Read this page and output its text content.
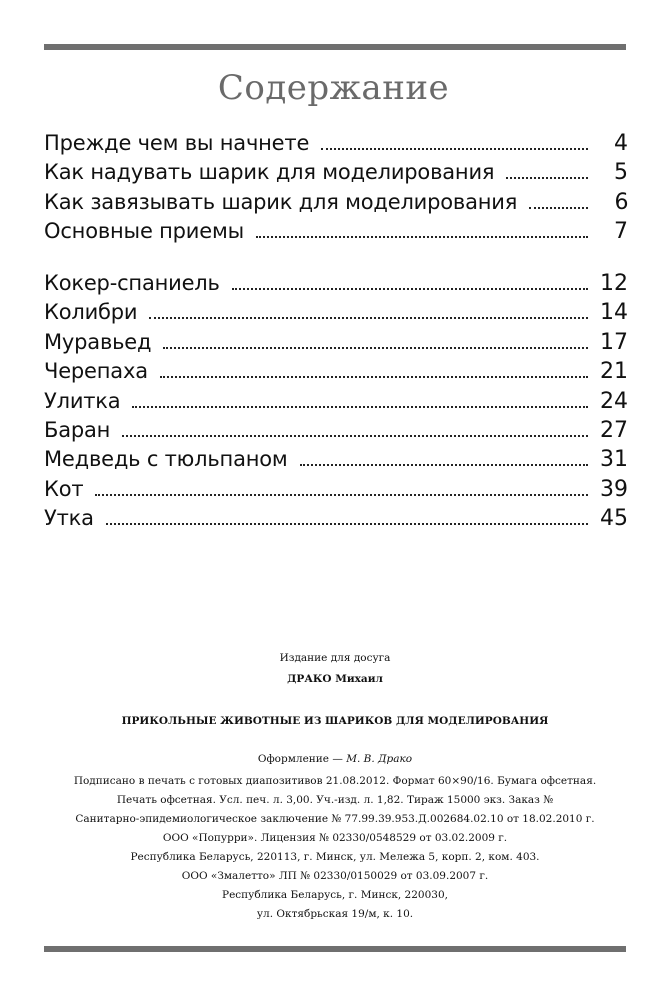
Содержание
Прежде чем вы начнете	4
Как надувать шарик для моделирования	5
Как завязывать шарик для моделирования	6
Основные приемы	7
Кокер-спаниель	12
Колибри	14
Муравьед	17
Черепаха	21
Улитка	24
Баран	27
Медведь с тюльпаном	31
Кот	39
Утка	45
Издание для досуга
ДРАКО Михаил
ПРИКОЛЬНЫЕ ЖИВОТНЫЕ ИЗ ШАРИКОВ ДЛЯ МОДЕЛИРОВАНИЯ
Оформление — М. В. Драко
Подписано в печать с готовых диапозитивов 21.08.2012. Формат 60×90/16. Бумага офсетная.
Печать офсетная. Усл. печ. л. 3,00. Уч.-изд. л. 1,82. Тираж 15000 экз. Заказ №
Санитарно-эпидемиологическое заключение № 77.99.39.953.Д.002684.02.10 от 18.02.2010 г.
ООО «Попурри». Лицензия № 02330/0548529 от 03.02.2009 г.
Республика Беларусь, 220113, г. Минск, ул. Мележа 5, корп. 2, ком. 403.
ООО «Змалетто» ЛП № 02330/0150029 от 03.09.2007 г.
Республика Беларусь, г. Минск, 220030,
ул. Октябрьская 19/м, к. 10.
